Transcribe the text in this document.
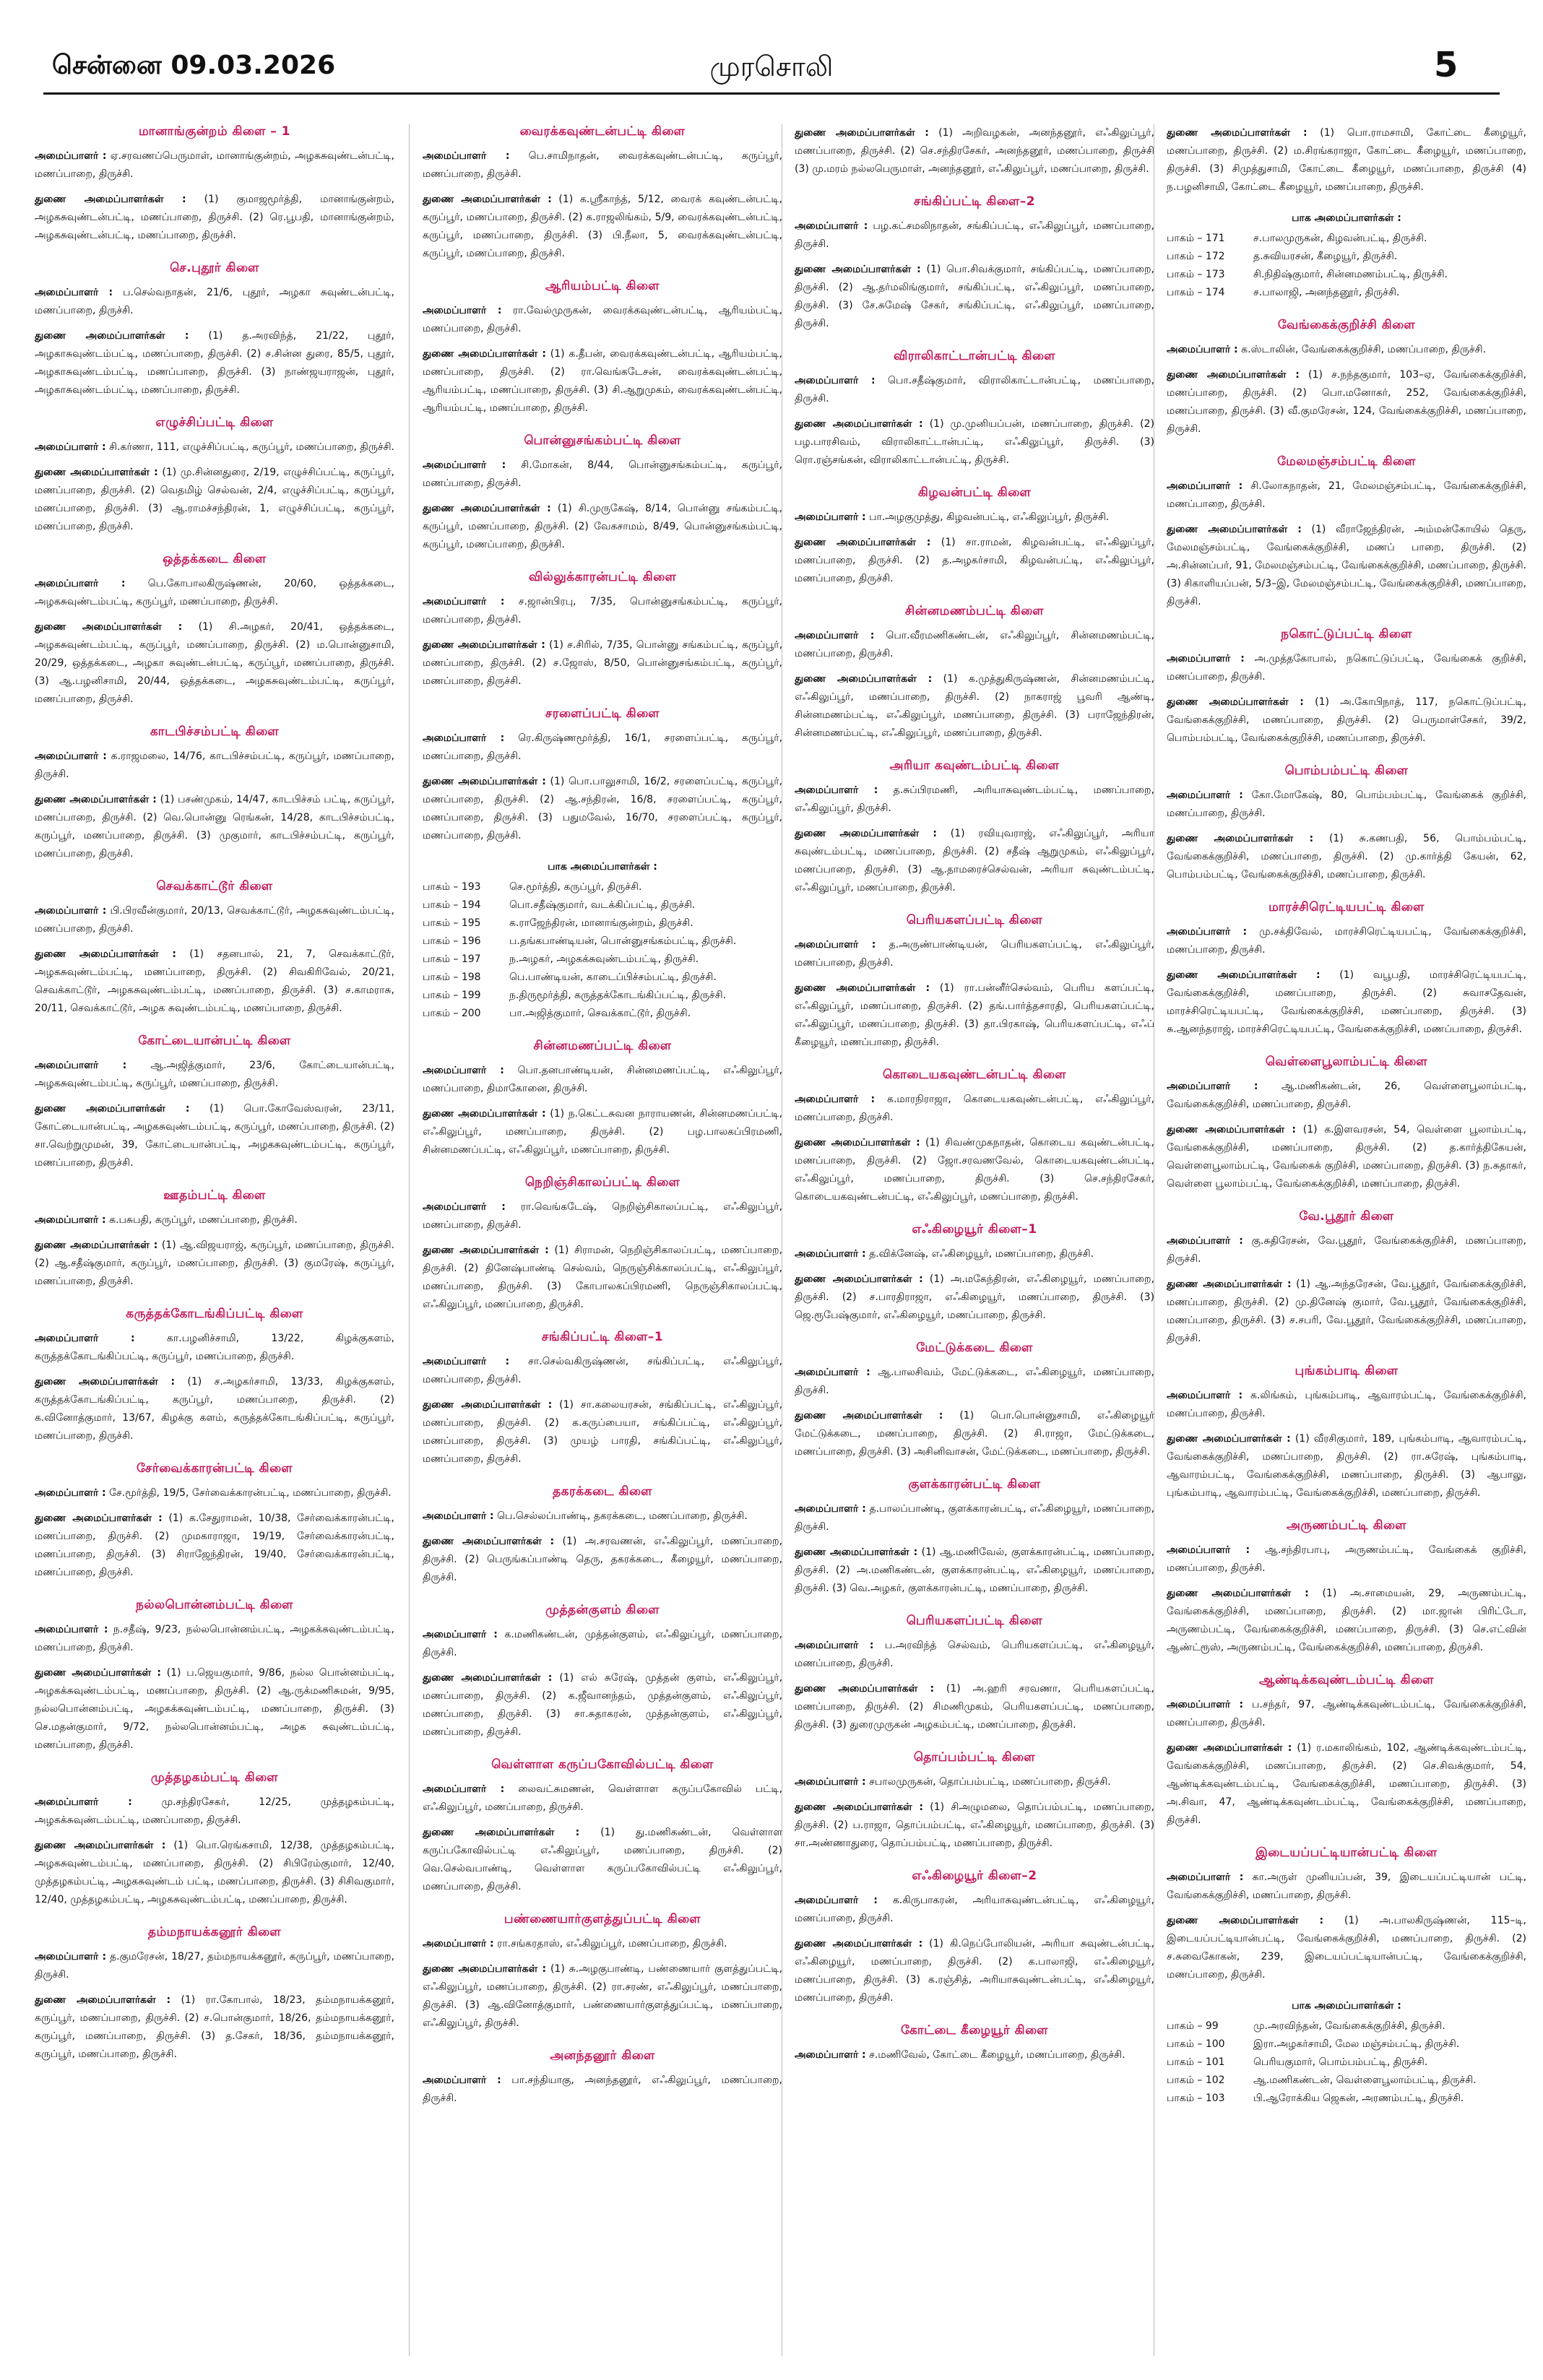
சென்னை 09.03.2026	முரசொலி	5
மானாங்குன்றம் கிளை – 1

அமைப்பாளர் : ஏ.சரவணப்பெருமாள், மானாங்குன்றம், அழகசுவுண்டன்பட்டி, மணப்பாறை, திருச்சி.

துணை அமைப்பாளர்கள் : (1) குமாஜமூர்த்தி, மானாங்குன்றம், அழகசுவுண்டன்பட்டி, மணப்பாறை, திருச்சி. (2) ரெ.பூபதி, மானாங்குன்றம், அழகசுவுண்டன்பட்டி, மணப்பாறை, திருச்சி.

செ.புதூர் கிளை

அமைப்பாளர் : ப.செல்வநாதன், 21/6, புதூர், அழகா சுவுண்டன்பட்டி, மணப்பாறை, திருச்சி.

துணை அமைப்பாளர்கள் : (1) த.அரவிந்த், 21/22, புதூர், அழகாசுவுண்டம்பட்டி, மணப்பாறை, திருச்சி. (2) ச.சின்ன துரை, 85/5, புதூர், அழகாசுவுண்டம்பட்டி, மணப்பாறை, திருச்சி. (3) நாண்ஜயராஜன், புதூர், அழகாசுவுண்டம்பட்டி, மணப்பாறை, திருச்சி.

எழுச்சிப்பட்டி கிளை

அமைப்பாளர் : சி.கர்ணா, 111, எழுச்சிப்பட்டி, கருப்பூர், மணப்பாறை, திருச்சி.

துணை அமைப்பாளர்கள் : (1) மு.சின்னதுரை, 2/19, எழுச்சிப்பட்டி, கருப்பூர், மணப்பாறை, திருச்சி. (2) வெதமிழ் செல்வன், 2/4, எழுச்சிப்பட்டி, கருப்பூர், மணப்பாறை, திருச்சி. (3) ஆ.ராமச்சந்திரன், 1, எழுச்சிப்பட்டி, கருப்பூர், மணப்பாறை, திருச்சி.

ஒத்தக்கடை கிளை

அமைப்பாளர் : பெ.கோபாலகிருஷ்ணன், 20/60, ஒத்தக்கடை, அழகசுவுண்டம்பட்டி, கருப்பூர், மணப்பாறை, திருச்சி.

துணை அமைப்பாளர்கள் : (1) சி.அழகர், 20/41, ஒத்தக்கடை, அழகசுவுண்டம்பட்டி, கருப்பூர், மணப்பாறை, திருச்சி. (2) ம.பொன்னுசாமி, 20/29, ஒத்தக்கடை, அழகா சுவுண்டன்பட்டி, கருப்பூர், மணப்பாறை, திருச்சி. (3) ஆ.பழனிசாமி, 20/44, ஒத்தக்கடை, அழகசுவுண்டம்பட்டி, கருப்பூர், மணப்பாறை, திருச்சி.

காடபிச்சம்பட்டி கிளை

அமைப்பாளர் : க.ராஜமலை, 14/76, காடபிச்சம்பட்டி, கருப்பூர், மணப்பாறை, திருச்சி.

துணை அமைப்பாளர்கள் : (1) பசண்முகம், 14/47, காடபிச்சம் பட்டி, கருப்பூர், மணப்பாறை, திருச்சி. (2) வெ.பொன்னு ரெங்கன், 14/28, காடபிச்சம்பட்டி, கருப்பூர், மணப்பாறை, திருச்சி. (3) முகுமார், காடபிச்சம்பட்டி, கருப்பூர், மணப்பாறை, திருச்சி.

செவக்காட்டூர் கிளை

அமைப்பாளர் : பி.பிரவீன்குமார், 20/13, செவக்காட்டூர், அழகசுவுண்டம்பட்டி, மணப்பாறை, திருச்சி.

துணை அமைப்பாளர்கள் : (1) சதனபால், 21, 7, செவக்காட்டூர், அழகசுவுண்டம்பட்டி, மணப்பாறை, திருச்சி. (2) சிவகிரிவேல், 20/21, செவக்காட்டூர், அழகசுவுண்டம்பட்டி, மணப்பாறை, திருச்சி. (3) ச.காமராசு, 20/11, செவக்காட்டூர், அழக சுவுண்டம்பட்டி, மணப்பாறை, திருச்சி.

கோட்டையான்பட்டி கிளை

அமைப்பாளர் : ஆ.அஜித்குமார், 23/6, கோட்டையான்பட்டி, அழகசுவுண்டம்பட்டி, கருப்பூர், மணப்பாறை, திருச்சி.

துணை அமைப்பாளர்கள் : (1) பொ.கோவேஸ்வரன், 23/11, கோட்டையான்பட்டி, அழகசுவுண்டம்பட்டி, கருப்பூர், மணப்பாறை, திருச்சி. (2) சா.வெற்றுமுமன், 39, கோட்டையான்பட்டி, அழகசுவுண்டம்பட்டி, கருப்பூர், மணப்பாறை, திருச்சி.

ஊதம்பட்டி கிளை

அமைப்பாளர் : க.பசுபதி, கருப்பூர், மணப்பாறை, திருச்சி.

துணை அமைப்பாளர்கள் : (1) ஆ.விஜயராஜ், கருப்பூர், மணப்பாறை, திருச்சி. (2) ஆ.சதீஷ்குமார், கருப்பூர், மணப்பாறை, திருச்சி. (3) குமரேஷ், கருப்பூர், மணப்பாறை, திருச்சி.

கருத்தக்கோடங்கிப்பட்டி கிளை

அமைப்பாளர் :	கா.பழனிச்சாமி, 13/22, கிழக்குகளம், கருத்தக்கோடங்கிப்பட்டி, கருப்பூர், மணப்பாறை, திருச்சி.

துணை அமைப்பாளர்கள் : (1) ச.அழகர்சாமி, 13/33, கிழக்குகளம், கருத்தக்கோடங்கிப்பட்டி, கருப்பூர், மணப்பாறை, திருச்சி. (2) க.வினோத்குமார், 13/67, கிழக்கு களம், கருத்தக்கோடங்கிப்பட்டி, கருப்பூர், மணப்பாறை, திருச்சி.

சேர்வைக்காரன்பட்டி கிளை

அமைப்பாளர் : சே.மூர்த்தி, 19/5, சேர்வைக்காரன்பட்டி, மணப்பாறை, திருச்சி.

துணை அமைப்பாளர்கள் : (1) க.சேதுராமன், 10/38, சேர்வைக்காரன்பட்டி, மணப்பாறை, திருச்சி. (2) முமகாராஜா, 19/19, சேர்வைக்காரன்பட்டி, மணப்பாறை, திருச்சி. (3) சிராஜேந்திரன், 19/40, சேர்வைக்காரன்பட்டி, மணப்பாறை, திருச்சி.

நல்லபொன்னம்பட்டி கிளை

அமைப்பாளர் : ந.சதீஷ், 9/23, நல்லபொன்னம்பட்டி, அழகக்சுவுண்டம்பட்டி, மணப்பாறை, திருச்சி.

துணை அமைப்பாளர்கள் : (1) ப.ஜெயகுமார், 9/86, நல்ல பொன்னம்பட்டி, அழகக்சுவுண்டம்பட்டி, மணப்பாறை, திருச்சி. (2) ஆ.ருக்மணிசுமன், 9/95, நல்லபொன்னம்பட்டி, அழகக்சுவுண்டம்பட்டி, மணப்பாறை, திருச்சி. (3) செ.மதன்குமார், 9/72, நல்லபொன்னம்பட்டி, அழக சுவுண்டம்பட்டி, மணப்பாறை, திருச்சி.

முத்தழகம்பட்டி கிளை

அமைப்பாளர் :	மு.சந்திரசேகர், 12/25, முத்தழகம்பட்டி, அழகக்சுவுண்டம்பட்டி, மணப்பாறை, திருச்சி.

துணை அமைப்பாளர்கள் : (1) பொ.ரெங்கசாமி, 12/38, முத்தழகம்பட்டி, அழகசுவுண்டம்பட்டி, மணப்பாறை, திருச்சி. (2) சிபிரேம்குமார், 12/40, முத்தழகம்பட்டி, அழகசுவுண்டம் பட்டி, மணப்பாறை, திருச்சி. (3) சிசிவகுமார், 12/40, முத்தழகம்பட்டி, அழகசுவுண்டம்பட்டி, மணப்பாறை, திருச்சி.

தம்மநாயக்கனூர் கிளை

அமைப்பாளர் : த.குமரேசன், 18/27, தம்மநாயக்கனூர், கருப்பூர், மணப்பாறை, திருச்சி.

துணை அமைப்பாளர்கள் : (1) ரா.கோபால், 18/23, தம்மநாயக்கனூர், கருப்பூர், மணப்பாறை, திருச்சி. (2) ச.பொன்குமார், 18/26, தம்மநாயக்கனூர், கருப்பூர், மணப்பாறை, திருச்சி. (3) த.சேகர், 18/36, தம்மநாயக்கனூர், கருப்பூர், மணப்பாறை, திருச்சி.

வைரக்கவுண்டன்பட்டி கிளை

அமைப்பாளர் : பெ.சாமிநாதன், வைரக்கவுண்டன்பட்டி, கருப்பூர், மணப்பாறை, திருச்சி.

துணை அமைப்பாளர்கள் : (1) க.ஸ்ரீகாந்த், 5/12, வைரக் கவுண்டன்பட்டி, கருப்பூர், மணப்பாறை, திருச்சி. (2) க.ராஜலிங்கம், 5/9, வைரக்கவுண்டன்பட்டி, கருப்பூர், மணப்பாறை, திருச்சி. (3) பி.நீலா, 5, வைரக்கவுண்டன்பட்டி, கருப்பூர், மணப்பாறை, திருச்சி.

ஆரியம்பட்டி கிளை

அமைப்பாளர் : ரா.வேல்முருகன், வைரக்கவுண்டன்பட்டி, ஆரியம்பட்டி, மணப்பாறை, திருச்சி.

துணை அமைப்பாளர்கள் : (1) க.தீபன், வைரக்கவுண்டன்பட்டி, ஆரியம்பட்டி, மணப்பாறை, திருச்சி. (2) ரா.வெங்கடேசன், வைரக்கவுண்டன்பட்டி, ஆரியம்பட்டி, மணப்பாறை, திருச்சி. (3) சி.ஆறுமுகம், வைரக்கவுண்டன்பட்டி, ஆரியம்பட்டி, மணப்பாறை, திருச்சி.

பொன்னுசங்கம்பட்டி கிளை

அமைப்பாளர் : சி.மோகன், 8/44, பொன்னுசங்கம்பட்டி, கருப்பூர், மணப்பாறை, திருச்சி.

துணை அமைப்பாளர்கள் : (1) சி.முருகேஷ், 8/14, பொன்னு சங்கம்பட்டி, கருப்பூர், மணப்பாறை, திருச்சி. (2) வேகசாமம், 8/49, பொன்னுசங்கம்பட்டி, கருப்பூர், மணப்பாறை, திருச்சி.

வில்லுக்காரன்பட்டி கிளை

அமைப்பாளர் : ச.ஜான்பிரபு, 7/35, பொன்னுசங்கம்பட்டி, கருப்பூர், மணப்பாறை, திருச்சி.

துணை அமைப்பாளர்கள் : (1) ச.சிரில், 7/35, பொன்னு சங்கம்பட்டி, கருப்பூர், மணப்பாறை, திருச்சி. (2) ச.ஜோஸ், 8/50, பொன்னுசங்கம்பட்டி, கருப்பூர், மணப்பாறை, திருச்சி.

சரளைப்பட்டி கிளை

அமைப்பாளர் : ரெ.கிருஷ்ணமூர்த்தி, 16/1, சரளைப்பட்டி, கருப்பூர், மணப்பாறை, திருச்சி.

துணை அமைப்பாளர்கள் : (1) பொ.பாலுசாமி, 16/2, சரளைப்பட்டி, கருப்பூர், மணப்பாறை, திருச்சி. (2) ஆ.சந்திரன், 16/8, சரளைப்பட்டி, கருப்பூர், மணப்பாறை, திருச்சி. (3) பதுமவேல், 16/70, சரளைப்பட்டி, கருப்பூர், மணப்பாறை, திருச்சி.

பாக அமைப்பாளர்கள் :
பாகம் – 193	செ.மூர்த்தி, கருப்பூர், திருச்சி.
பாகம் – 194	பொ.சதீஷ்குமார், வடக்கிப்பட்டி, திருச்சி.
பாகம் – 195	க.ராஜேந்திரன், மானாங்குன்றம், திருச்சி.
பாகம் – 196	ப.தங்கபாண்டியன், பொன்னுசங்கம்பட்டி, திருச்சி.
பாகம் – 197	ந.அழகர், அழகக்சுவுண்டம்பட்டி, திருச்சி.
பாகம் – 198	பெ.பாண்டியன், காடைப்பிச்சம்பட்டி, திருச்சி.
பாகம் – 199	ந.திருமூர்த்தி, கருத்தக்கோடங்கிப்பட்டி, திருச்சி.
பாகம் – 200	பா.அஜித்குமார், செவக்காட்டூர், திருச்சி.
சின்னமணப்பட்டி கிளை

அமைப்பாளர் : பொ.தனபாண்டியன், சின்னமணப்பட்டி, எஃகிலுப்பூர், மணப்பாறை, திமாகோனை, திருச்சி.

துணை அமைப்பாளர்கள் : (1) ந.கெட்டசுவன நாராயணன், சின்னமணப்பட்டி, எஃகிலுப்பூர், மணப்பாறை, திருச்சி. (2) பழ.பாலகப்பிரமணி, சின்னமணப்பட்டி, எஃகிலுப்பூர், மணப்பாறை, திருச்சி.

நெறிஞ்சிகாலப்பட்டி கிளை

அமைப்பாளர் : ரா.வெங்கடேஷ், நெறிஞ்சிகாலப்பட்டி, எஃகிலுப்பூர், மணப்பாறை, திருச்சி.

துணை அமைப்பாளர்கள் : (1) சிராமன், நெறிஞ்சிகாலப்பட்டி, மணப்பாறை, திருச்சி. (2) தினேஷ்பாண்டி செல்வம், நெருஞ்சிக்காலப்பட்டி, எஃகிலுப்பூர், மணப்பாறை, திருச்சி. (3) கோபாலகப்பிரமணி, நெருஞ்சிகாலப்பட்டி, எஃகிலுப்பூர், மணப்பாறை, திருச்சி.

சங்கிப்பட்டி கிளை–1

அமைப்பாளர் : சா.செல்வகிருஷ்ணன், சங்கிப்பட்டி, எஃகிலுப்பூர், மணப்பாறை, திருச்சி.

துணை அமைப்பாளர்கள் : (1) சா.கலையரசன், சங்கிப்பட்டி, எஃகிலுப்பூர், மணப்பாறை, திருச்சி. (2) க.கருப்பையா, சங்கிப்பட்டி, எஃகிலுப்பூர், மணப்பாறை, திருச்சி. (3) முயழ் பாரதி, சங்கிப்பட்டி, எஃகிலுப்பூர், மணப்பாறை, திருச்சி.

தகரக்கடை கிளை

அமைப்பாளர் : பெ.செல்லப்பாண்டி, தகரக்கடை, மணப்பாறை, திருச்சி.

துணை அமைப்பாளர்கள் : (1) அ.சரவணன், எஃகிலுப்பூர், மணப்பாறை, திருச்சி. (2) பெருங்கப்பாண்டி தெரு, தகரக்கடை, கீழையூர், மணப்பாறை, திருச்சி.

முத்தன்குளம் கிளை

அமைப்பாளர் : க.மணிகண்டன், முத்தன்குளம், எஃகிலுப்பூர், மணப்பாறை, திருச்சி.

துணை அமைப்பாளர்கள் : (1) எல் சுரேஷ், முத்தன் குளம், எஃகிலுப்பூர், மணப்பாறை, திருச்சி. (2) க.ஜீவானந்தம், முத்தன்குளம், எஃகிலுப்பூர், மணப்பாறை, திருச்சி. (3) சா.சுதாகரன், முத்தன்குளம், எஃகிலுப்பூர், மணப்பாறை, திருச்சி.

வெள்ளாள கருப்பகோவில்பட்டி கிளை

அமைப்பாளர் : லைவட்சுமணன், வெள்ளாள கருப்பகோவில் பட்டி, எஃகிலுப்பூர், மணப்பாறை, திருச்சி.

துணை அமைப்பாளர்கள் : (1) து.மணிகண்டன், வெள்ளாள கருப்பகோவில்பட்டி எஃகிலுப்பூர், மணப்பாறை, திருச்சி. (2) வெ.செல்வபாண்டி, வெள்ளாள கருப்பகோவில்பட்டி எஃகிலுப்பூர், மணப்பாறை, திருச்சி.

பண்ணையார்குளத்துப்பட்டி கிளை

அமைப்பாளர் : ரா.சங்கரதாஸ், எஃகிலுப்பூர், மணப்பாறை, திருச்சி.

துணை அமைப்பாளர்கள் : (1) சு.அழகுபாண்டி, பண்ணையார் குளத்துப்பட்டி, எஃகிலுப்பூர், மணப்பாறை, திருச்சி. (2) ரா.சரண், எஃகிலுப்பூர், மணப்பாறை, திருச்சி. (3) ஆ.வினோத்குமார், பண்ணையார்குளத்துப்பட்டி, மணப்பாறை, எஃகிலுப்பூர், திருச்சி.

அனந்தனூர் கிளை

அமைப்பாளர் : பா.சந்தியாகு, அனந்தனூர், எஃகிலுப்பூர், மணப்பாறை, திருச்சி.

துணை அமைப்பாளர்கள் : (1) அறிவழகன், அனந்தனூர், எஃகிலுப்பூர், மணப்பாறை, திருச்சி. (2) செ.சந்திரசேகர், அனந்தனூர், மணப்பாறை, திருச்சி (3) மு.மரம் நல்லபெருமாள், அனந்தனூர், எஃகிலுப்பூர், மணப்பாறை, திருச்சி.

சங்கிப்பட்டி கிளை–2

அமைப்பாளர் : பழ.கட்சமலிநாதன், சங்கிப்பட்டி, எஃகிலுப்பூர், மணப்பாறை, திருச்சி.

துணை அமைப்பாளர்கள் : (1) பொ.சிவக்குமார், சங்கிப்பட்டி, மணப்பாறை, திருச்சி. (2) ஆ.தர்மலிங்குமார், சங்கிப்பட்டி, எஃகிலுப்பூர், மணப்பாறை, திருச்சி. (3) சே.சுமேஷ் சேகர், சங்கிப்பட்டி, எஃகிலுப்பூர், மணப்பாறை, திருச்சி.

விராலிகாட்டான்பட்டி கிளை

அமைப்பாளர் : பொ.சதீஷ்குமார், விராலிகாட்டான்பட்டி, மணப்பாறை, திருச்சி.

துணை அமைப்பாளர்கள் : (1) மு.முனியப்பன், மணப்பாறை, திருச்சி. (2) பழ.பாரசிவம், விராலிகாட்டான்பட்டி, எஃகிலுப்பூர், திருச்சி. (3) ரொ.ரஞ்சங்கன், விராலிகாட்டான்பட்டி, திருச்சி.

கிழவன்பட்டி கிளை

அமைப்பாளர் : பா.அழகுமுத்து, கிழவன்பட்டி, எஃகிலுப்பூர், திருச்சி.

துணை அமைப்பாளர்கள் : (1) சா.ராமன், கிழவன்பட்டி, எஃகிலுப்பூர், மணப்பாறை, திருச்சி. (2) த.அழகர்சாமி, கிழவன்பட்டி, எஃகிலுப்பூர், மணப்பாறை, திருச்சி.

சின்னமணம்பட்டி கிளை

அமைப்பாளர் : பொ.வீரமணிகண்டன், எஃகிலுப்பூர், சின்னமணம்பட்டி, மணப்பாறை, திருச்சி.

துணை அமைப்பாளர்கள் : (1) க.முத்துகிருஷ்ணன், சின்னமணம்பட்டி, எஃகிலுப்பூர், மணப்பாறை, திருச்சி. (2) நாகராஜ் பூவரி ஆண்டி, சின்னமணம்பட்டி, எஃகிலுப்பூர், மணப்பாறை, திருச்சி. (3) பராஜேந்திரன், சின்னமணம்பட்டி, எஃகிலுப்பூர், மணப்பாறை, திருச்சி.

அரியா கவுண்டம்பட்டி கிளை

அமைப்பாளர் : த.சுப்பிரமணி, அரியாசுவுண்டம்பட்டி, மணப்பாறை, எஃகிலுப்பூர், திருச்சி.

துணை அமைப்பாளர்கள் : (1) ரவியுவராஜ், எஃகிலுப்பூர், அரியா சுவுண்டம்பட்டி, மணப்பாறை, திருச்சி. (2) சதீஷ் ஆறுமுகம், எஃகிலுப்பூர், மணப்பாறை, திருச்சி. (3) ஆ.தாமரைச்செல்வன், அரியா சுவுண்டம்பட்டி, எஃகிலுப்பூர், மணப்பாறை, திருச்சி.

பெரியகளப்பட்டி கிளை

அமைப்பாளர் : த.அருண்பாண்டியன், பெரியகளப்பட்டி, எஃகிலுப்பூர், மணப்பாறை, திருச்சி.

துணை அமைப்பாளர்கள் : (1) ரா.பன்னீர்செல்வம், பெரிய களப்பட்டி, எஃகிலுப்பூர், மணப்பாறை, திருச்சி. (2) தங்.பார்த்தசாரதி, பெரியகளப்பட்டி, எஃகிலுப்பூர், மணப்பாறை, திருச்சி. (3) தா.பிரகாஷ், பெரியகளப்பட்டி, எஃப் கீழையூர், மணப்பாறை, திருச்சி.

கொடையகவுண்டன்பட்டி கிளை

அமைப்பாளர் : க.மாரநிராஜா, கொடையகவுண்டன்பட்டி, எஃகிலுப்பூர், மணப்பாறை, திருச்சி.

துணை அமைப்பாளர்கள் : (1) சிவண்முகநாதன், கொடைய கவுண்டன்பட்டி, மணப்பாறை, திருச்சி. (2) ஜோ.சரவணவேல், கொடையகவுண்டன்பட்டி, எஃகிலுப்பூர், மணப்பாறை, திருச்சி. (3) செ.சந்திரசேகர், கொடையகவுண்டன்பட்டி, எஃகிலுப்பூர், மணப்பாறை, திருச்சி.

எஃகிழையூர் கிளை–1

அமைப்பாளர் : த.விக்னேஷ், எஃகிழையூர், மணப்பாறை, திருச்சி.

துணை அமைப்பாளர்கள் : (1) அ.மகேந்திரன், எஃகிழையூர், மணப்பாறை, திருச்சி. (2) ச.பாரதிராஜா, எஃகிழையூர், மணப்பாறை, திருச்சி. (3) ஜெ.ரூபேஷ்குமார், எஃகிழையூர், மணப்பாறை, திருச்சி.

மேட்டுக்கடை கிளை

அமைப்பாளர் : ஆ.பாலசிவம், மேட்டுக்கடை, எஃகிழையூர், மணப்பாறை, திருச்சி.

துணை அமைப்பாளர்கள் : (1) பொ.பொன்னுசாமி, எஃகிழையூர் மேட்டுக்கடை, மணப்பாறை, திருச்சி. (2) சி.ராஜா, மேட்டுக்கடை, மணப்பாறை, திருச்சி. (3) அசினிவாசன், மேட்டுக்கடை, மணப்பாறை, திருச்சி.

குளக்காரன்பட்டி கிளை

அமைப்பாளர் : த.பாலப்பாண்டி, குளக்காரன்பட்டி, எஃகிழையூர், மணப்பாறை, திருச்சி.

துணை அமைப்பாளர்கள் : (1) ஆ.மணிவேல், குளக்காரன்பட்டி, மணப்பாறை, திருச்சி. (2) அ.மணிகண்டன், குளக்காரன்பட்டி, எஃகிழையூர், மணப்பாறை, திருச்சி. (3) வெ.அழகர், குளக்காரன்பட்டி, மணப்பாறை, திருச்சி.

பெரியகளப்பட்டி கிளை

அமைப்பாளர் : ப.அரவிந்த் செல்வம், பெரியகளப்பட்டி, எஃகிழையூர், மணப்பாறை, திருச்சி.

துணை அமைப்பாளர்கள் : (1) அ.ஹரி சரவணா, பெரியகளப்பட்டி, மணப்பாறை, திருச்சி. (2) சிமணிமுகம், பெரியகளப்பட்டி, மணப்பாறை, திருச்சி. (3) துரைமுருகன் அழகம்பட்டி, மணப்பாறை, திருச்சி.

தொப்பம்பட்டி கிளை

அமைப்பாளர் : சபாலமுருகன், தொப்பம்பட்டி, மணப்பாறை, திருச்சி.

துணை அமைப்பாளர்கள் : (1) சிஅழுமலை, தொப்பம்பட்டி, மணப்பாறை, திருச்சி. (2) ப.ராஜா, தொப்பம்பட்டி, எஃகிழையூர், மணப்பாறை, திருச்சி. (3) சா.அண்ணாதுரை, தொப்பம்பட்டி, மணப்பாறை, திருச்சி.

எஃகிழையூர் கிளை–2

அமைப்பாளர் : க.கிருபாகரன், அரியாசுவுண்டன்பட்டி, எஃகிழையூர், மணப்பாறை, திருச்சி.

துணை அமைப்பாளர்கள் : (1) கி.நெப்போலியன், அரியா சுவுண்டன்பட்டி, எஃகிழையூர், மணப்பாறை, திருச்சி. (2) க.பாலாஜி, எஃகிழையூர், மணப்பாறை, திருச்சி. (3) க.ரஞ்சித், அரியாசுவுண்டன்பட்டி, எஃகிழையூர், மணப்பாறை, திருச்சி.

கோட்டை கீழையூர் கிளை

அமைப்பாளர் : ச.மணிவேல், கோட்டை கீழையூர், மணப்பாறை, திருச்சி.

துணை அமைப்பாளர்கள் : (1) பொ.ராமசாமி, கோட்டை கீழையூர், மணப்பாறை, திருச்சி. (2) ம.சிரங்கராஜா, கோட்டை கீழையூர், மணப்பாறை, திருச்சி. (3) சிமுத்துசாமி, கோட்டை கீழையூர், மணப்பாறை, திருச்சி (4) ந.பழனிசாமி, கோட்டை கீழையூர், மணப்பாறை, திருச்சி.

பாக அமைப்பாளர்கள் :
பாகம் – 171	ச.பாலமுருகன், கிழவன்பட்டி, திருச்சி.
பாகம் – 172	த.சுவியரசன், கீழையூர், திருச்சி.
பாகம் – 173	சி.நிதிஷ்குமார், சின்னமணம்பட்டி, திருச்சி.
பாகம் – 174	ச.பாலாஜி, அனந்தனூர், திருச்சி.
வேங்கைக்குறிச்சி கிளை

அமைப்பாளர் : க.ஸ்டாலின், வேங்கைக்குறிச்சி, மணப்பாறை, திருச்சி.

துணை அமைப்பாளர்கள் : (1) ச.நந்தகுமார், 103–ஏ, வேங்கைக்குறிச்சி, மணப்பாறை, திருச்சி. (2) பொ.மனோகர், 252, வேங்கைக்குறிச்சி, மணப்பாறை, திருச்சி. (3) வீ.குமரேசன், 124, வேங்கைக்குறிச்சி, மணப்பாறை, திருச்சி.

மேலமஞ்சம்பட்டி கிளை

அமைப்பாளர் : சி.லோகநாதன், 21, மேலமஞ்சம்பட்டி, வேங்கைக்குறிச்சி, மணப்பாறை, திருச்சி.

துணை அமைப்பாளர்கள் : (1) வீராஜேந்திரன், அம்மன்கோயில் தெரு, மேலமஞ்சம்பட்டி, வேங்கைக்குறிச்சி, மணப் பாறை, திருச்சி. (2) அ.சின்னப்பர், 91, மேலமஞ்சம்பட்டி, வேங்கைக்குறிச்சி, மணப்பாறை, திருச்சி. (3) சிகாளியப்பன், 5/3–இ, மேலமஞ்சம்பட்டி, வேங்கைக்குறிச்சி, மணப்பாறை, திருச்சி.

நகொட்டுப்பட்டி கிளை

அமைப்பாளர் : அ.முத்தகோபால், நகொட்டுப்பட்டி, வேங்கைக் குறிச்சி, மணப்பாறை, திருச்சி.

துணை அமைப்பாளர்கள் : (1) அ.கோபிநாத், 117, நகொட்டுப்பட்டி, வேங்கைக்குறிச்சி, மணப்பாறை, திருச்சி. (2) பெருமாள்சேகர், 39/2, பொம்பம்பட்டி, வேங்கைக்குறிச்சி, மணப்பாறை, திருச்சி.

பொம்பம்பட்டி கிளை

அமைப்பாளர் : கோ.மோகேஷ், 80, பொம்பம்பட்டி, வேங்கைக் குறிச்சி, மணப்பாறை, திருச்சி.

துணை அமைப்பாளர்கள் : (1) சு.கணபதி, 56, பொம்பம்பட்டி, வேங்கைக்குறிச்சி, மணப்பாறை, திருச்சி. (2) மு.கார்த்தி கேயன், 62, பொம்பம்பட்டி, வேங்கைக்குறிச்சி, மணப்பாறை, திருச்சி.

மாரச்சிரெட்டியபட்டி கிளை

அமைப்பாளர் : மு.சக்திவேல், மாரச்சிரெட்டியபட்டி, வேங்கைக்குறிச்சி, மணப்பாறை, திருச்சி.

துணை அமைப்பாளர்கள் : (1) வபூபதி, மாரச்சிரெட்டியபட்டி, வேங்கைக்குறிச்சி, மணப்பாறை, திருச்சி. (2) சுவாசதேவன், மாரச்சிரெட்டியபட்டி, வேங்கைக்குறிச்சி, மணப்பாறை, திருச்சி. (3) சு.ஆனந்தராஜ், மாரச்சிரெட்டியபட்டி, வேங்கைக்குறிச்சி, மணப்பாறை, திருச்சி.

வெள்ளைபூலாம்பட்டி கிளை

அமைப்பாளர் : ஆ.மணிகண்டன், 26, வெள்ளைபூலாம்பட்டி, வேங்கைக்குறிச்சி, மணப்பாறை, திருச்சி.

துணை அமைப்பாளர்கள் : (1) க.இளவரசன், 54, வெள்ளை பூலாம்பட்டி, வேங்கைக்குறிச்சி, மணப்பாறை, திருச்சி. (2) த.கார்த்திகேயன், வெள்ளைபூலாம்பட்டி, வேங்கைக் குறிச்சி, மணப்பாறை, திருச்சி. (3) ந.சுதாகர், வெள்ளை பூலாம்பட்டி, வேங்கைக்குறிச்சி, மணப்பாறை, திருச்சி.

வே.பூதூர் கிளை

அமைப்பாளர் : கு.சுதிரேசன், வே.பூதூர், வேங்கைக்குறிச்சி, மணப்பாறை, திருச்சி.

துணை அமைப்பாளர்கள் : (1) ஆ.அந்தரேசன், வே.பூதூர், வேங்கைக்குறிச்சி, மணப்பாறை, திருச்சி. (2) மு.தினேஷ் குமார், வே.பூதூர், வேங்கைக்குறிச்சி, மணப்பாறை, திருச்சி. (3) ச.சபரி, வே.பூதூர், வேங்கைக்குறிச்சி, மணப்பாறை, திருச்சி.

புங்கம்பாடி கிளை

அமைப்பாளர் : க.லிங்கம், புங்கம்பாடி, ஆவாரம்பட்டி, வேங்கைக்குறிச்சி, மணப்பாறை, திருச்சி.

துணை அமைப்பாளர்கள் : (1) வீரசிகுமார், 189, புங்கம்பாடி, ஆவாரம்பட்டி, வேங்கைக்குறிச்சி, மணப்பாறை, திருச்சி. (2) ரா.சுரேஷ், புங்கம்பாடி, ஆவாரம்பட்டி, வேங்கைக்குறிச்சி, மணப்பாறை, திருச்சி. (3) ஆபாலு, புங்கம்பாடி, ஆவாரம்பட்டி, வேங்கைக்குறிச்சி, மணப்பாறை, திருச்சி.

அருணம்பட்டி கிளை

அமைப்பாளர் : ஆ.சந்திரபாபு, அருணம்பட்டி, வேங்கைக் குறிச்சி, மணப்பாறை, திருச்சி.

துணை அமைப்பாளர்கள் : (1) அ.சாமையன், 29, அருணம்பட்டி, வேங்கைக்குறிச்சி, மணப்பாறை, திருச்சி. (2) மா.ஜான் பிரிட்டோ, அருணம்பட்டி, வேங்கைக்குறிச்சி, மணப்பாறை, திருச்சி. (3) செ.எட்வின் ஆண்ட்ரூஸ், அருணம்பட்டி, வேங்கைக்குறிச்சி, மணப்பாறை, திருச்சி.

ஆண்டிக்கவுண்டம்பட்டி கிளை

அமைப்பாளர் : ப.சந்தர், 97, ஆண்டிக்கவுண்டம்பட்டி, வேங்கைக்குறிச்சி, மணப்பாறை, திருச்சி.

துணை அமைப்பாளர்கள் : (1) ர.மகாலிங்கம், 102, ஆண்டிக்கவுண்டம்பட்டி, வேங்கைக்குறிச்சி, மணப்பாறை, திருச்சி. (2) செ.சிவக்குமார், 54, ஆண்டிக்கவுண்டம்பட்டி, வேங்கைக்குறிச்சி, மணப்பாறை, திருச்சி. (3) அ.சிவா, 47, ஆண்டிக்கவுண்டம்பட்டி, வேங்கைக்குறிச்சி, மணப்பாறை, திருச்சி.

இடையப்பட்டியான்பட்டி கிளை

அமைப்பாளர் : கா.அருள் முனியப்பன், 39, இடையப்பட்டியான் பட்டி, வேங்கைக்குறிச்சி, மணப்பாறை, திருச்சி.

துணை அமைப்பாளர்கள் : (1) அ.பாலகிருஷ்ணன், 115–டி, இடையப்பட்டியான்பட்டி, வேங்கைக்குறிச்சி, மணப்பாறை, திருச்சி. (2) ச.சுவைகோகன், 239, இடையப்பட்டியான்பட்டி, வேங்கைக்குறிச்சி, மணப்பாறை, திருச்சி.

பாக அமைப்பாளர்கள் :
பாகம் – 99	மு.அரவிந்தன், வேங்கைக்குறிச்சி, திருச்சி.
பாகம் – 100	இரா.அழகர்சாமி, மேல மஞ்சம்பட்டி, திருச்சி.
பாகம் – 101	பெரியகுமார், பொம்பம்பட்டி, திருச்சி.
பாகம் – 102	ஆ.மணிகண்டன், வெள்ளைபூலாம்பட்டி, திருச்சி.
பாகம் – 103	பி.ஆரோக்கிய ஜெகன், அரணம்பட்டி, திருச்சி.
